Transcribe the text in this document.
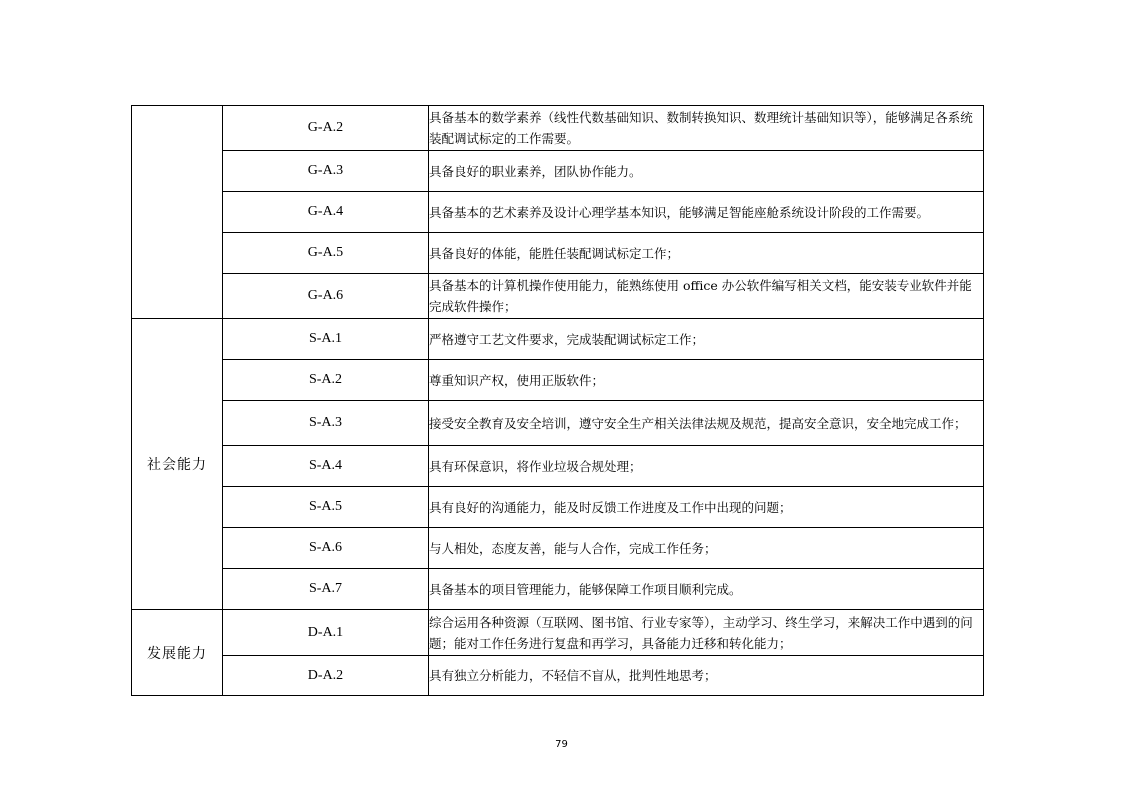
	G-A.2	具备基本的数学素养（线性代数基础知识、数制转换知识、数理统计基础知识等），能够满足各系统装配调试标定的工作需要。
	G-A.3	具备良好的职业素养，团队协作能力。
	G-A.4	具备基本的艺术素养及设计心理学基本知识，能够满足智能座舱系统设计阶段的工作需要。
	G-A.5	具备良好的体能，能胜任装配调试标定工作；
	G-A.6	具备基本的计算机操作使用能力，能熟练使用 office 办公软件编写相关文档，能安装专业软件并能完成软件操作；
社会能力	S-A.1	严格遵守工艺文件要求，完成装配调试标定工作；
	S-A.2	尊重知识产权，使用正版软件；
	S-A.3	接受安全教育及安全培训，遵守安全生产相关法律法规及规范，提高安全意识，安全地完成工作；
	S-A.4	具有环保意识，将作业垃圾合规处理；
	S-A.5	具有良好的沟通能力，能及时反馈工作进度及工作中出现的问题；
	S-A.6	与人相处，态度友善，能与人合作，完成工作任务；
	S-A.7	具备基本的项目管理能力，能够保障工作项目顺利完成。
发展能力	D-A.1	综合运用各种资源（互联网、图书馆、行业专家等），主动学习、终生学习，来解决工作中遇到的问题；能对工作任务进行复盘和再学习，具备能力迁移和转化能力；
	D-A.2	具有独立分析能力，不轻信不盲从，批判性地思考；
79
